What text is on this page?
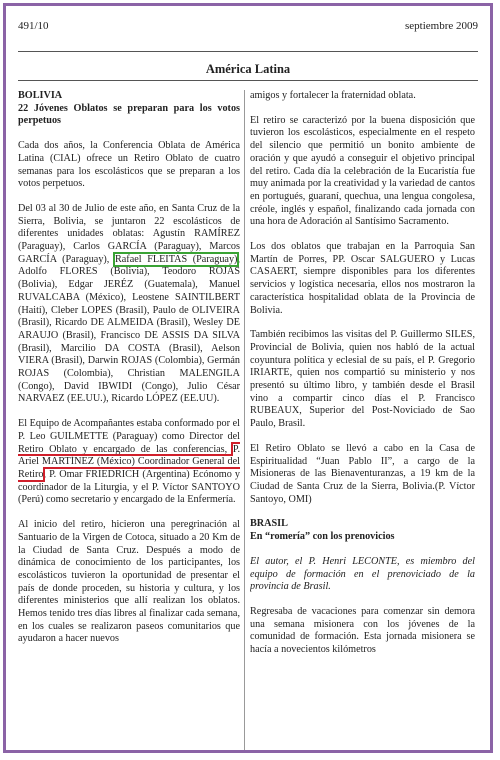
491/10	septiembre 2009
América Latina

BOLIVIA

22 Jóvenes Oblatos se preparan para los votos perpetuos

Cada dos años, la Conferencia Oblata de América Latina (CIAL) ofrece un Retiro Oblato de cuatro semanas para los escolásticos que se preparan a los votos perpetuos.

Del 03 al 30 de Julio de este año, en Santa Cruz de la Sierra, Bolivia, se juntaron 22 escolásticos de diferentes unidades oblatas: Agustín RAMÍREZ (Paraguay), Carlos GARCÍA (Paraguay), Marcos GARCÍA (Paraguay), Rafael FLEITAS (Paraguay), Adolfo FLORES (Bolivia), Teodoro ROJAS (Bolivia), Edgar JERÉZ (Guatemala), Manuel RUVALCABA (México), Leostene SAINTILBERT (Haití), Cleber LOPES (Brasil), Paulo de OLIVEIRA (Brasil), Ricardo DE ALMEIDA (Brasil), Wesley DE ARAUJO (Brasil), Francisco DE ASSIS DA SILVA (Brasil), Marcilio DA COSTA (Brasil), Aelson VIERA (Brasil), Darwin ROJAS (Colombia), Germán ROJAS (Colombia), Christian MALENGILA (Congo), David IBWIDI (Congo), Julio César NARVAEZ (EE.UU.), Ricardo LÓPEZ (EE.UU).

El Equipo de Acompañantes estaba conformado por el P. Leo GUILMETTE (Paraguay) como Director del Retiro Oblato y encargado de las conferencias, P. Ariel MARTÍNEZ (México) Coordinador General del Retiro, P. Omar FRIEDRICH (Argentina) Ecónomo y coordinador de la Liturgia, y el P. Víctor SANTOYO (Perú) como secretario y encargado de la Enfermería.

Al inicio del retiro, hicieron una peregrinación al Santuario de la Virgen de Cotoca, situado a 20 Km de la Ciudad de Santa Cruz. Después a modo de dinámica de conocimiento de los participantes, los escolásticos tuvieron la oportunidad de presentar el país de donde proceden, su historia y cultura, y los diferentes ministerios que allí realizan los oblatos. Hemos tenido tres días libres al finalizar cada semana, en los cuales se realizaron paseos comunitarios que ayudaron a hacer nuevos

amigos y fortalecer la fraternidad oblata.

El retiro se caracterizó por la buena disposición que tuvieron los escolásticos, especialmente en el respeto del silencio que permitió un bonito ambiente de oración y que ayudó a conseguir el objetivo principal del retiro. Cada día la celebración de la Eucaristía fue muy animada por la creatividad y la variedad de cantos en portugués, guaraní, quechua, una lengua congolesa, créole, inglés y español, finalizando cada jornada con una hora de Adoración al Santísimo Sacramento.

Los dos oblatos que trabajan en la Parroquia San Martín de Porres, PP. Oscar SALGUERO y Lucas CASAERT, siempre disponibles para los diferentes servicios y logística necesaria, ellos nos mostraron la característica hospitalidad oblata de la Provincia de Bolivia.

También recibimos las visitas del P. Guillermo SILES, Provincial de Bolivia, quien nos habló de la actual coyuntura política y eclesial de su país, el P. Gregorio IRIARTE, quien nos compartió su ministerio y nos presentó su último libro, y también desde el Brasil vino a compartir cinco días el P. Francisco RUBEAUX, Superior del Post-Noviciado de Sao Paulo, Brasil.

El Retiro Oblato se llevó a cabo en la Casa de Espiritualidad “Juan Pablo II”, a cargo de la Misioneras de las Bienaventuranzas, a 19 km de la Ciudad de Santa Cruz de la Sierra, Bolivia.(P. Víctor Santoyo, OMI)

BRASIL

En “romería” con los prenovicios

El autor, el P. Henri LECONTE, es miembro del equipo de formación en el prenoviciado de la provincia de Brasil.

Regresaba de vacaciones para comenzar sin demora una semana misionera con los jóvenes de la comunidad de formación. Esta jornada misionera se hacía a novecientos kilómetros
